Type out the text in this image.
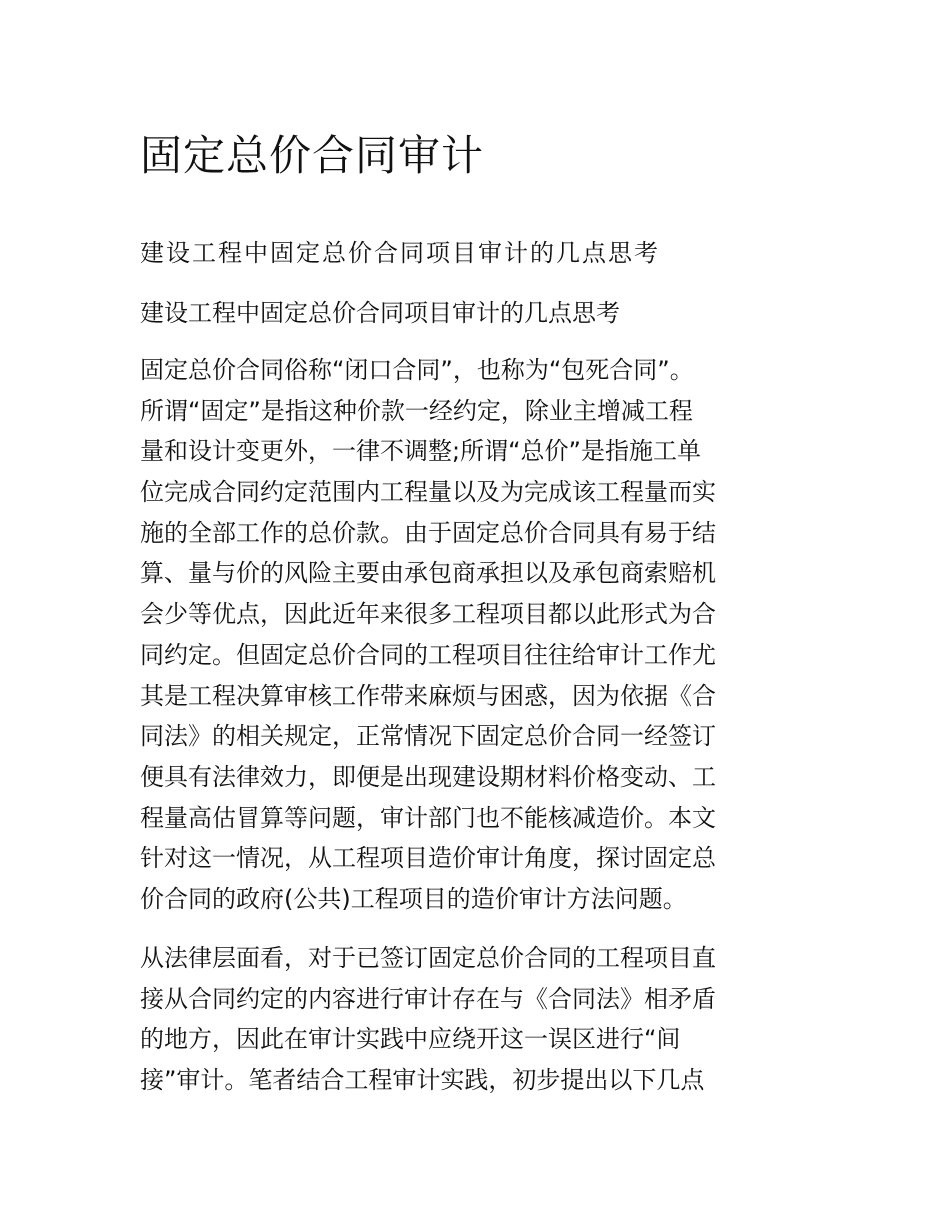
固定总价合同审计

建设工程中固定总价合同项目审计的几点思考

建设工程中固定总价合同项目审计的几点思考

固定总价合同俗称“闭口合同”，也称为“包死合同”。
所谓“固定”是指这种价款一经约定，除业主增减工程
量和设计变更外，一律不调整;所谓“总价”是指施工单
位完成合同约定范围内工程量以及为完成该工程量而实
施的全部工作的总价款。由于固定总价合同具有易于结
算、量与价的风险主要由承包商承担以及承包商索赔机
会少等优点，因此近年来很多工程项目都以此形式为合
同约定。但固定总价合同的工程项目往往给审计工作尤
其是工程决算审核工作带来麻烦与困惑，因为依据《合
同法》的相关规定，正常情况下固定总价合同一经签订
便具有法律效力，即便是出现建设期材料价格变动、工
程量高估冒算等问题，审计部门也不能核减造价。本文
针对这一情况，从工程项目造价审计角度，探讨固定总
价合同的政府(公共)工程项目的造价审计方法问题。
从法律层面看，对于已签订固定总价合同的工程项目直
接从合同约定的内容进行审计存在与《合同法》相矛盾
的地方，因此在审计实践中应绕开这一误区进行“间
接”审计。笔者结合工程审计实践，初步提出以下几点
